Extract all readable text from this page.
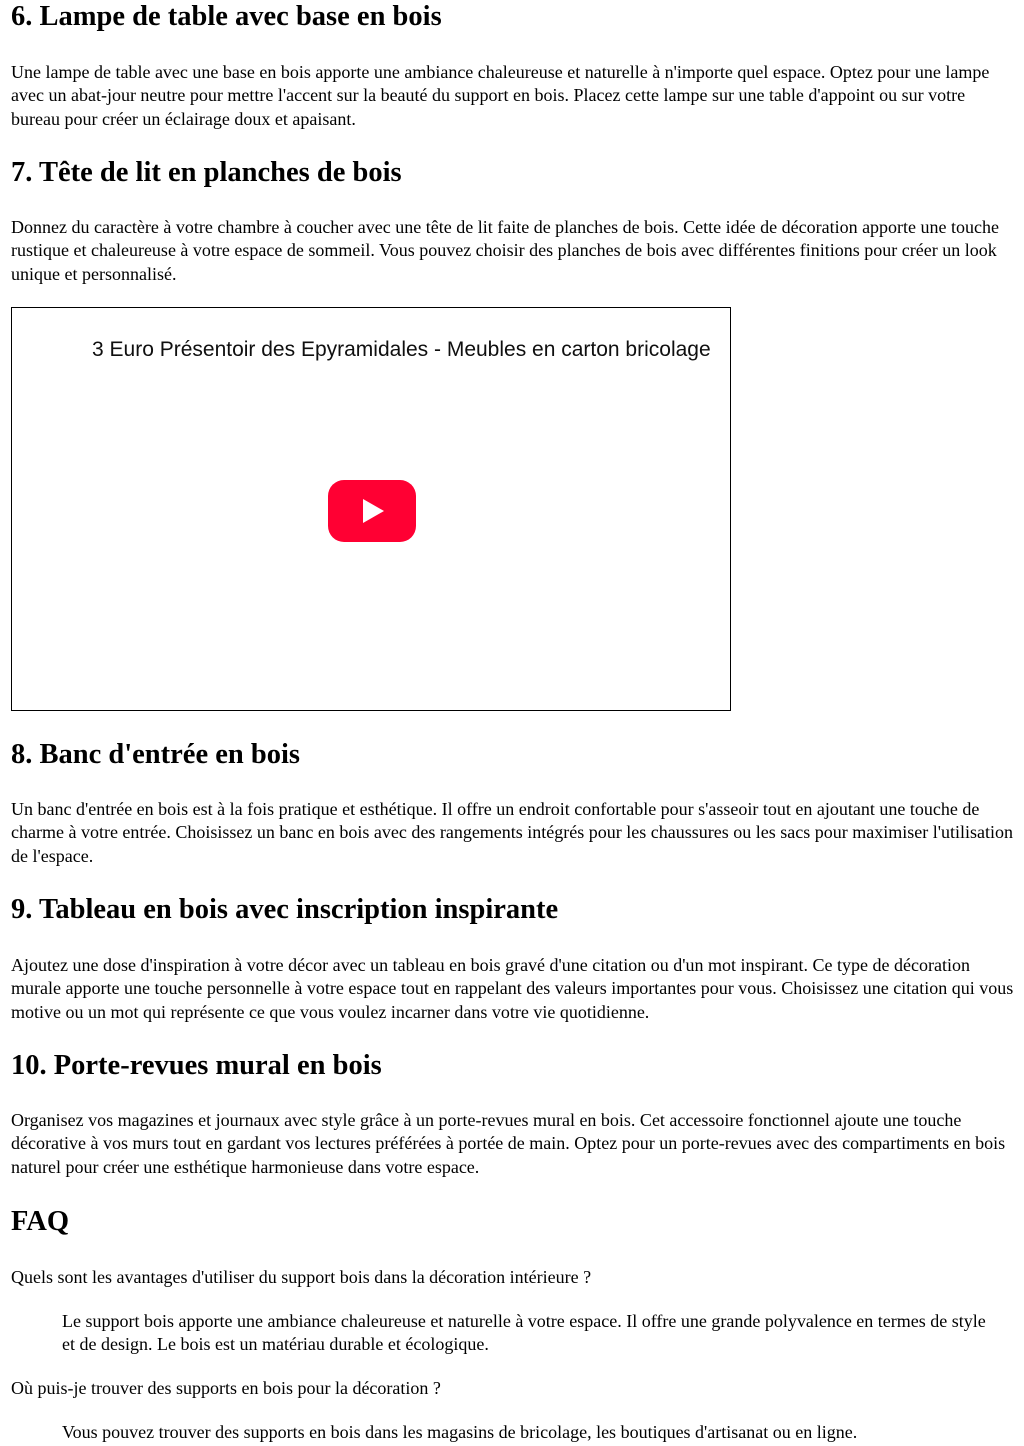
6. Lampe de table avec base en bois

Une lampe de table avec une base en bois apporte une ambiance chaleureuse et naturelle à n'importe quel espace. Optez pour une lampe avec un abat-jour neutre pour mettre l'accent sur la beauté du support en bois. Placez cette lampe sur une table d'appoint ou sur votre bureau pour créer un éclairage doux et apaisant.

7. Tête de lit en planches de bois

Donnez du caractère à votre chambre à coucher avec une tête de lit faite de planches de bois. Cette idée de décoration apporte une touche rustique et chaleureuse à votre espace de sommeil. Vous pouvez choisir des planches de bois avec différentes finitions pour créer un look unique et personnalisé.

3 Euro Présentoir des Epyramidales - Meubles en carton bricolage
8. Banc d'entrée en bois

Un banc d'entrée en bois est à la fois pratique et esthétique. Il offre un endroit confortable pour s'asseoir tout en ajoutant une touche de charme à votre entrée. Choisissez un banc en bois avec des rangements intégrés pour les chaussures ou les sacs pour maximiser l'utilisation de l'espace.

9. Tableau en bois avec inscription inspirante

Ajoutez une dose d'inspiration à votre décor avec un tableau en bois gravé d'une citation ou d'un mot inspirant. Ce type de décoration murale apporte une touche personnelle à votre espace tout en rappelant des valeurs importantes pour vous. Choisissez une citation qui vous motive ou un mot qui représente ce que vous voulez incarner dans votre vie quotidienne.

10. Porte-revues mural en bois

Organisez vos magazines et journaux avec style grâce à un porte-revues mural en bois. Cet accessoire fonctionnel ajoute une touche décorative à vos murs tout en gardant vos lectures préférées à portée de main. Optez pour un porte-revues avec des compartiments en bois naturel pour créer une esthétique harmonieuse dans votre espace.

FAQ

Quels sont les avantages d'utiliser du support bois dans la décoration intérieure ?

Le support bois apporte une ambiance chaleureuse et naturelle à votre espace. Il offre une grande polyvalence en termes de style et de design. Le bois est un matériau durable et écologique.

Où puis-je trouver des supports en bois pour la décoration ?

Vous pouvez trouver des supports en bois dans les magasins de bricolage, les boutiques d'artisanat ou en ligne.
